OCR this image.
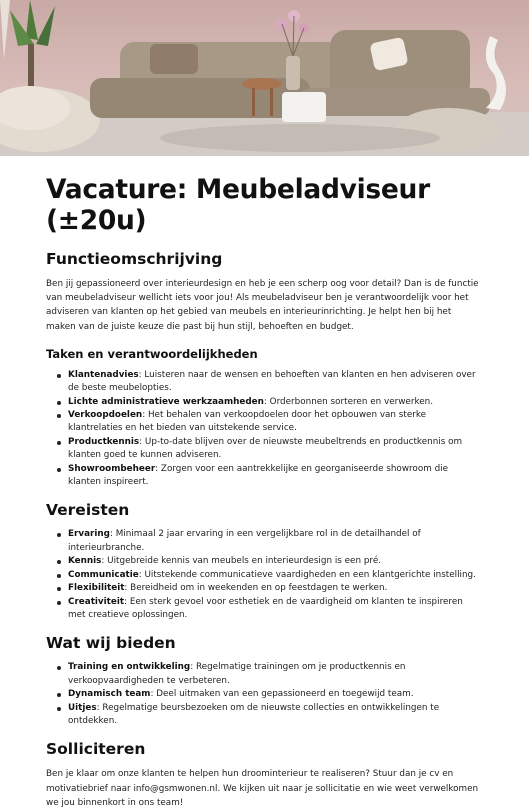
Vacature: Meubeladviseur (±20u)
Functieomschrijving

Ben jij gepassioneerd over interieurdesign en heb je een scherp oog voor detail? Dan is de functie van meubeladviseur wellicht iets voor jou! Als meubeladviseur ben je verantwoordelijk voor het adviseren van klanten op het gebied van meubels en interieurinrichting. Je helpt hen bij het maken van de juiste keuze die past bij hun stijl, behoeften en budget.

Taken en verantwoordelijkheden
Klantenadvies: Luisteren naar de wensen en behoeften van klanten en hen adviseren over de beste meubelopties.
Lichte administratieve werkzaamheden: Orderbonnen sorteren en verwerken.
Verkoopdoelen: Het behalen van verkoopdoelen door het opbouwen van sterke klantrelaties en het bieden van uitstekende service.
Productkennis: Up-to-date blijven over de nieuwste meubeltrends en productkennis om klanten goed te kunnen adviseren.
Showroombeheer: Zorgen voor een aantrekkelijke en georganiseerde showroom die klanten inspireert.
Vereisten
Ervaring: Minimaal 2 jaar ervaring in een vergelijkbare rol in de detailhandel of interieurbranche.
Kennis: Uitgebreide kennis van meubels en interieurdesign is een pré.
Communicatie: Uitstekende communicatieve vaardigheden en een klantgerichte instelling.
Flexibiliteit: Bereidheid om in weekenden en op feestdagen te werken.
Creativiteit: Een sterk gevoel voor esthetiek en de vaardigheid om klanten te inspireren met creatieve oplossingen.
Wat wij bieden
Training en ontwikkeling: Regelmatige trainingen om je productkennis en verkoopvaardigheden te verbeteren.
Dynamisch team: Deel uitmaken van een gepassioneerd en toegewijd team.
Uitjes: Regelmatige beursbezoeken om de nieuwste collecties en ontwikkelingen te ontdekken.
Solliciteren

Ben je klaar om onze klanten te helpen hun droominterieur te realiseren? Stuur dan je cv en motivatiebrief naar info@gsmwonen.nl. We kijken uit naar je sollicitatie en wie weet verwelkomen we jou binnenkort in ons team!
